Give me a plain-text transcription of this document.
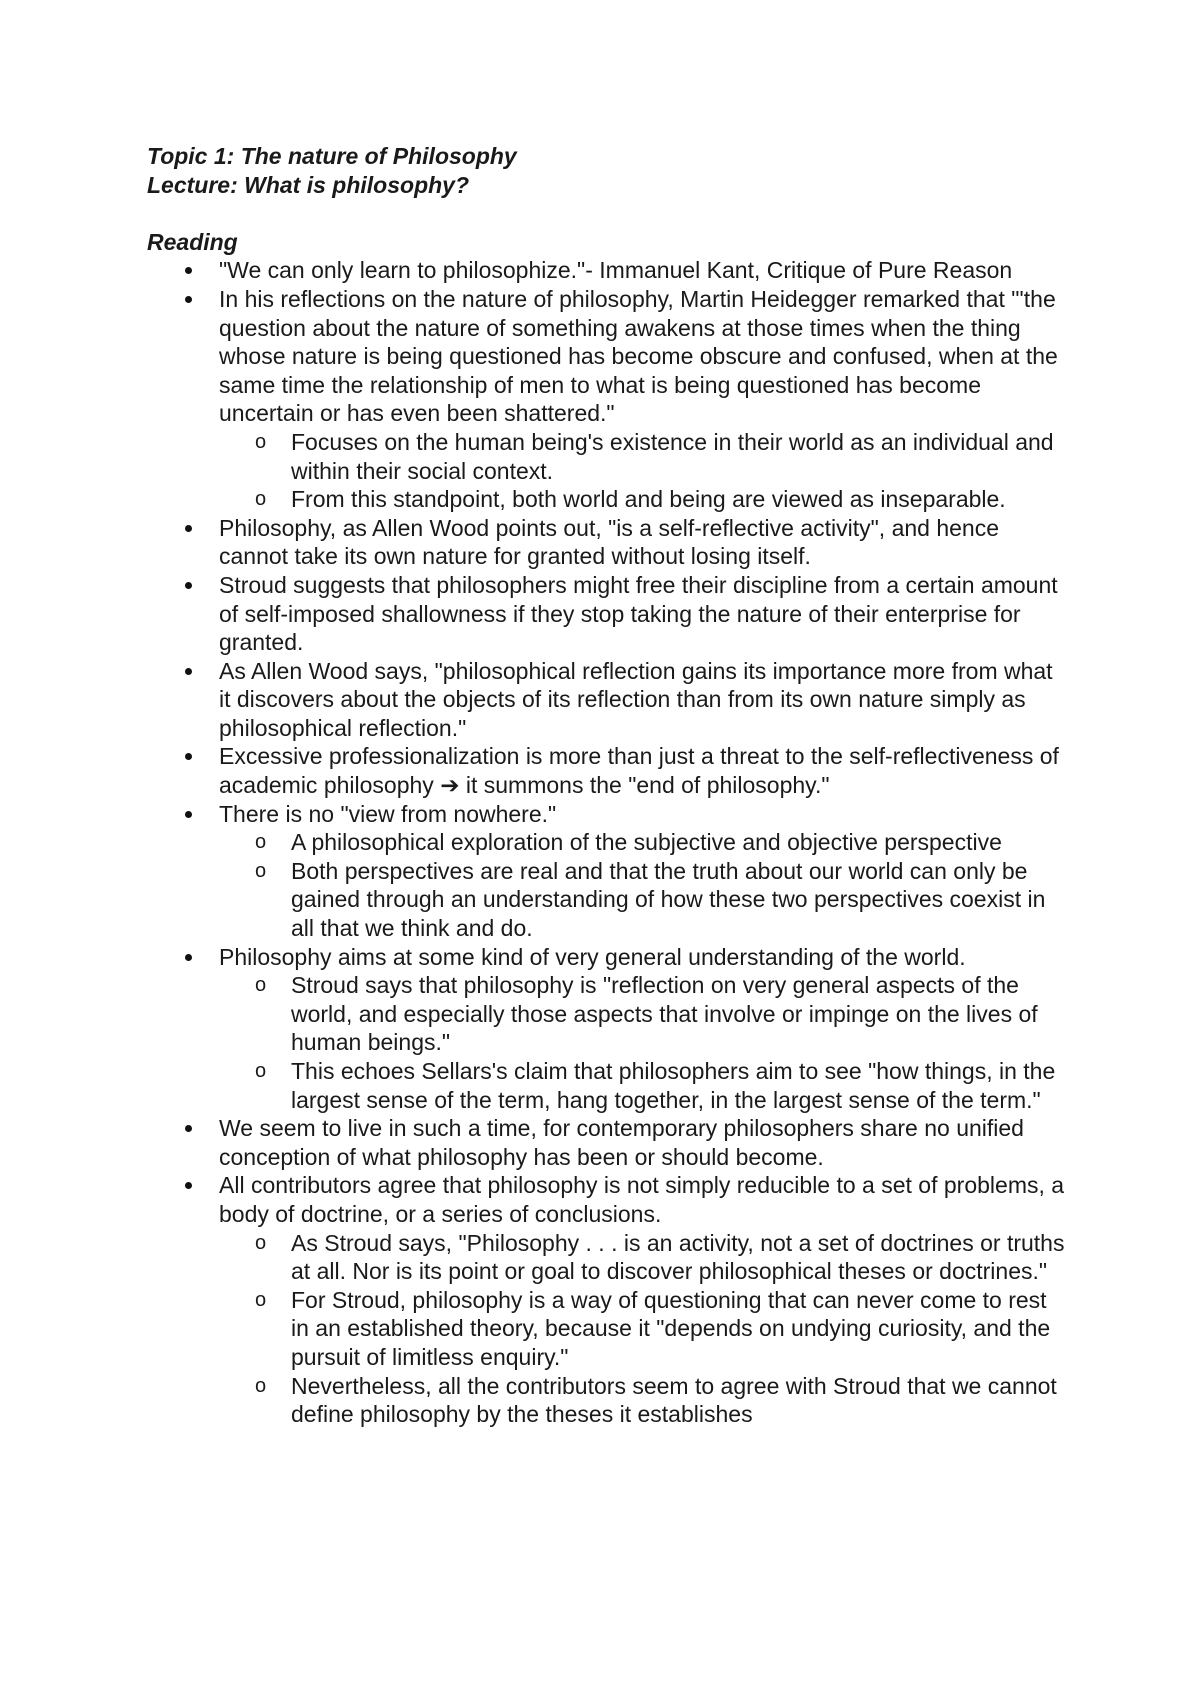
Topic 1: The nature of Philosophy

Lecture: What is philosophy?

Reading

"We can only learn to philosophize."- Immanuel Kant, Critique of Pure Reason
In his reflections on the nature of philosophy, Martin Heidegger remarked that "'the question about the nature of something awakens at those times when the thing whose nature is being questioned has become obscure and confused, when at the same time the relationship of men to what is being questioned has become uncertain or has even been shattered."
o Focuses on the human being's existence in their world as an individual and within their social context.
o From this standpoint, both world and being are viewed as inseparable.
Philosophy, as Allen Wood points out, "is a self-reflective activity", and hence cannot take its own nature for granted without losing itself.
Stroud suggests that philosophers might free their discipline from a certain amount of self-imposed shallowness if they stop taking the nature of their enterprise for granted.
As Allen Wood says, "philosophical reflection gains its importance more from what it discovers about the objects of its reflection than from its own nature simply as philosophical reflection."
Excessive professionalization is more than just a threat to the self-reflectiveness of academic philosophy ➔ it summons the "end of philosophy."
There is no "view from nowhere."
o A philosophical exploration of the subjective and objective perspective
o Both perspectives are real and that the truth about our world can only be gained through an understanding of how these two perspectives coexist in all that we think and do.
Philosophy aims at some kind of very general understanding of the world.
o Stroud says that philosophy is "reflection on very general aspects of the world, and especially those aspects that involve or impinge on the lives of human beings."
o This echoes Sellars's claim that philosophers aim to see "how things, in the largest sense of the term, hang together, in the largest sense of the term."
We seem to live in such a time, for contemporary philosophers share no unified conception of what philosophy has been or should become.
All contributors agree that philosophy is not simply reducible to a set of problems, a body of doctrine, or a series of conclusions.
o As Stroud says, "Philosophy . . . is an activity, not a set of doctrines or truths at all. Nor is its point or goal to discover philosophical theses or doctrines."
o For Stroud, philosophy is a way of questioning that can never come to rest in an established theory, because it "depends on undying curiosity, and the pursuit of limitless enquiry."
o Nevertheless, all the contributors seem to agree with Stroud that we cannot define philosophy by the theses it establishes
